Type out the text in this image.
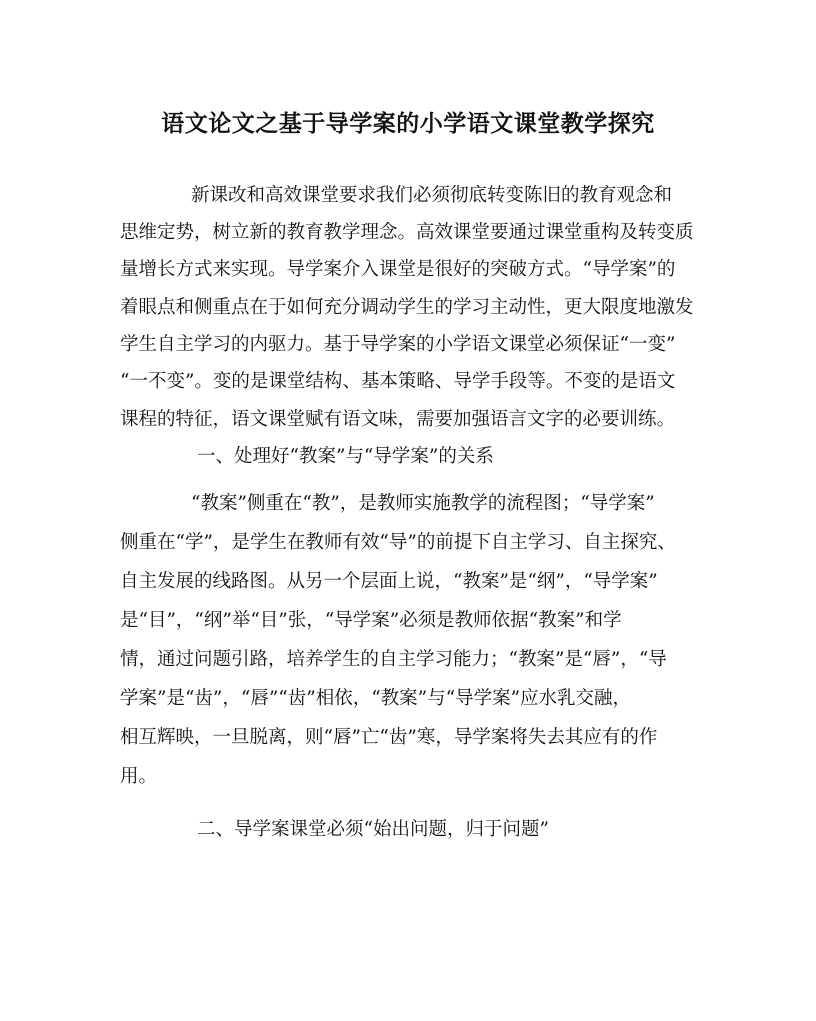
语文论文之基于导学案的小学语文课堂教学探究

新课改和高效课堂要求我们必须彻底转变陈旧的教育观念和

思维定势，树立新的教育教学理念。高效课堂要通过课堂重构及转变质

量增长方式来实现。导学案介入课堂是很好的突破方式。“导学案”的

着眼点和侧重点在于如何充分调动学生的学习主动性，更大限度地激发

学生自主学习的内驱力。基于导学案的小学语文课堂必须保证“一变”

“一不变”。变的是课堂结构、基本策略、导学手段等。不变的是语文

课程的特征，语文课堂赋有语文味，需要加强语言文字的必要训练。

一、处理好“教案”与“导学案”的关系

“教案”侧重在“教”，是教师实施教学的流程图；“导学案”

侧重在“学”，是学生在教师有效“导”的前提下自主学习、自主探究、

自主发展的线路图。从另一个层面上说，“教案”是“纲”，“导学案”

是“目”，“纲”举“目”张，“导学案”必须是教师依据“教案”和学

情，通过问题引路，培养学生的自主学习能力；“教案”是“唇”，“导

学案”是“齿”，“唇”“齿”相依，“教案”与“导学案”应水乳交融，

相互辉映，一旦脱离，则“唇”亡“齿”寒，导学案将失去其应有的作

用。

二、导学案课堂必须“始出问题，归于问题”
